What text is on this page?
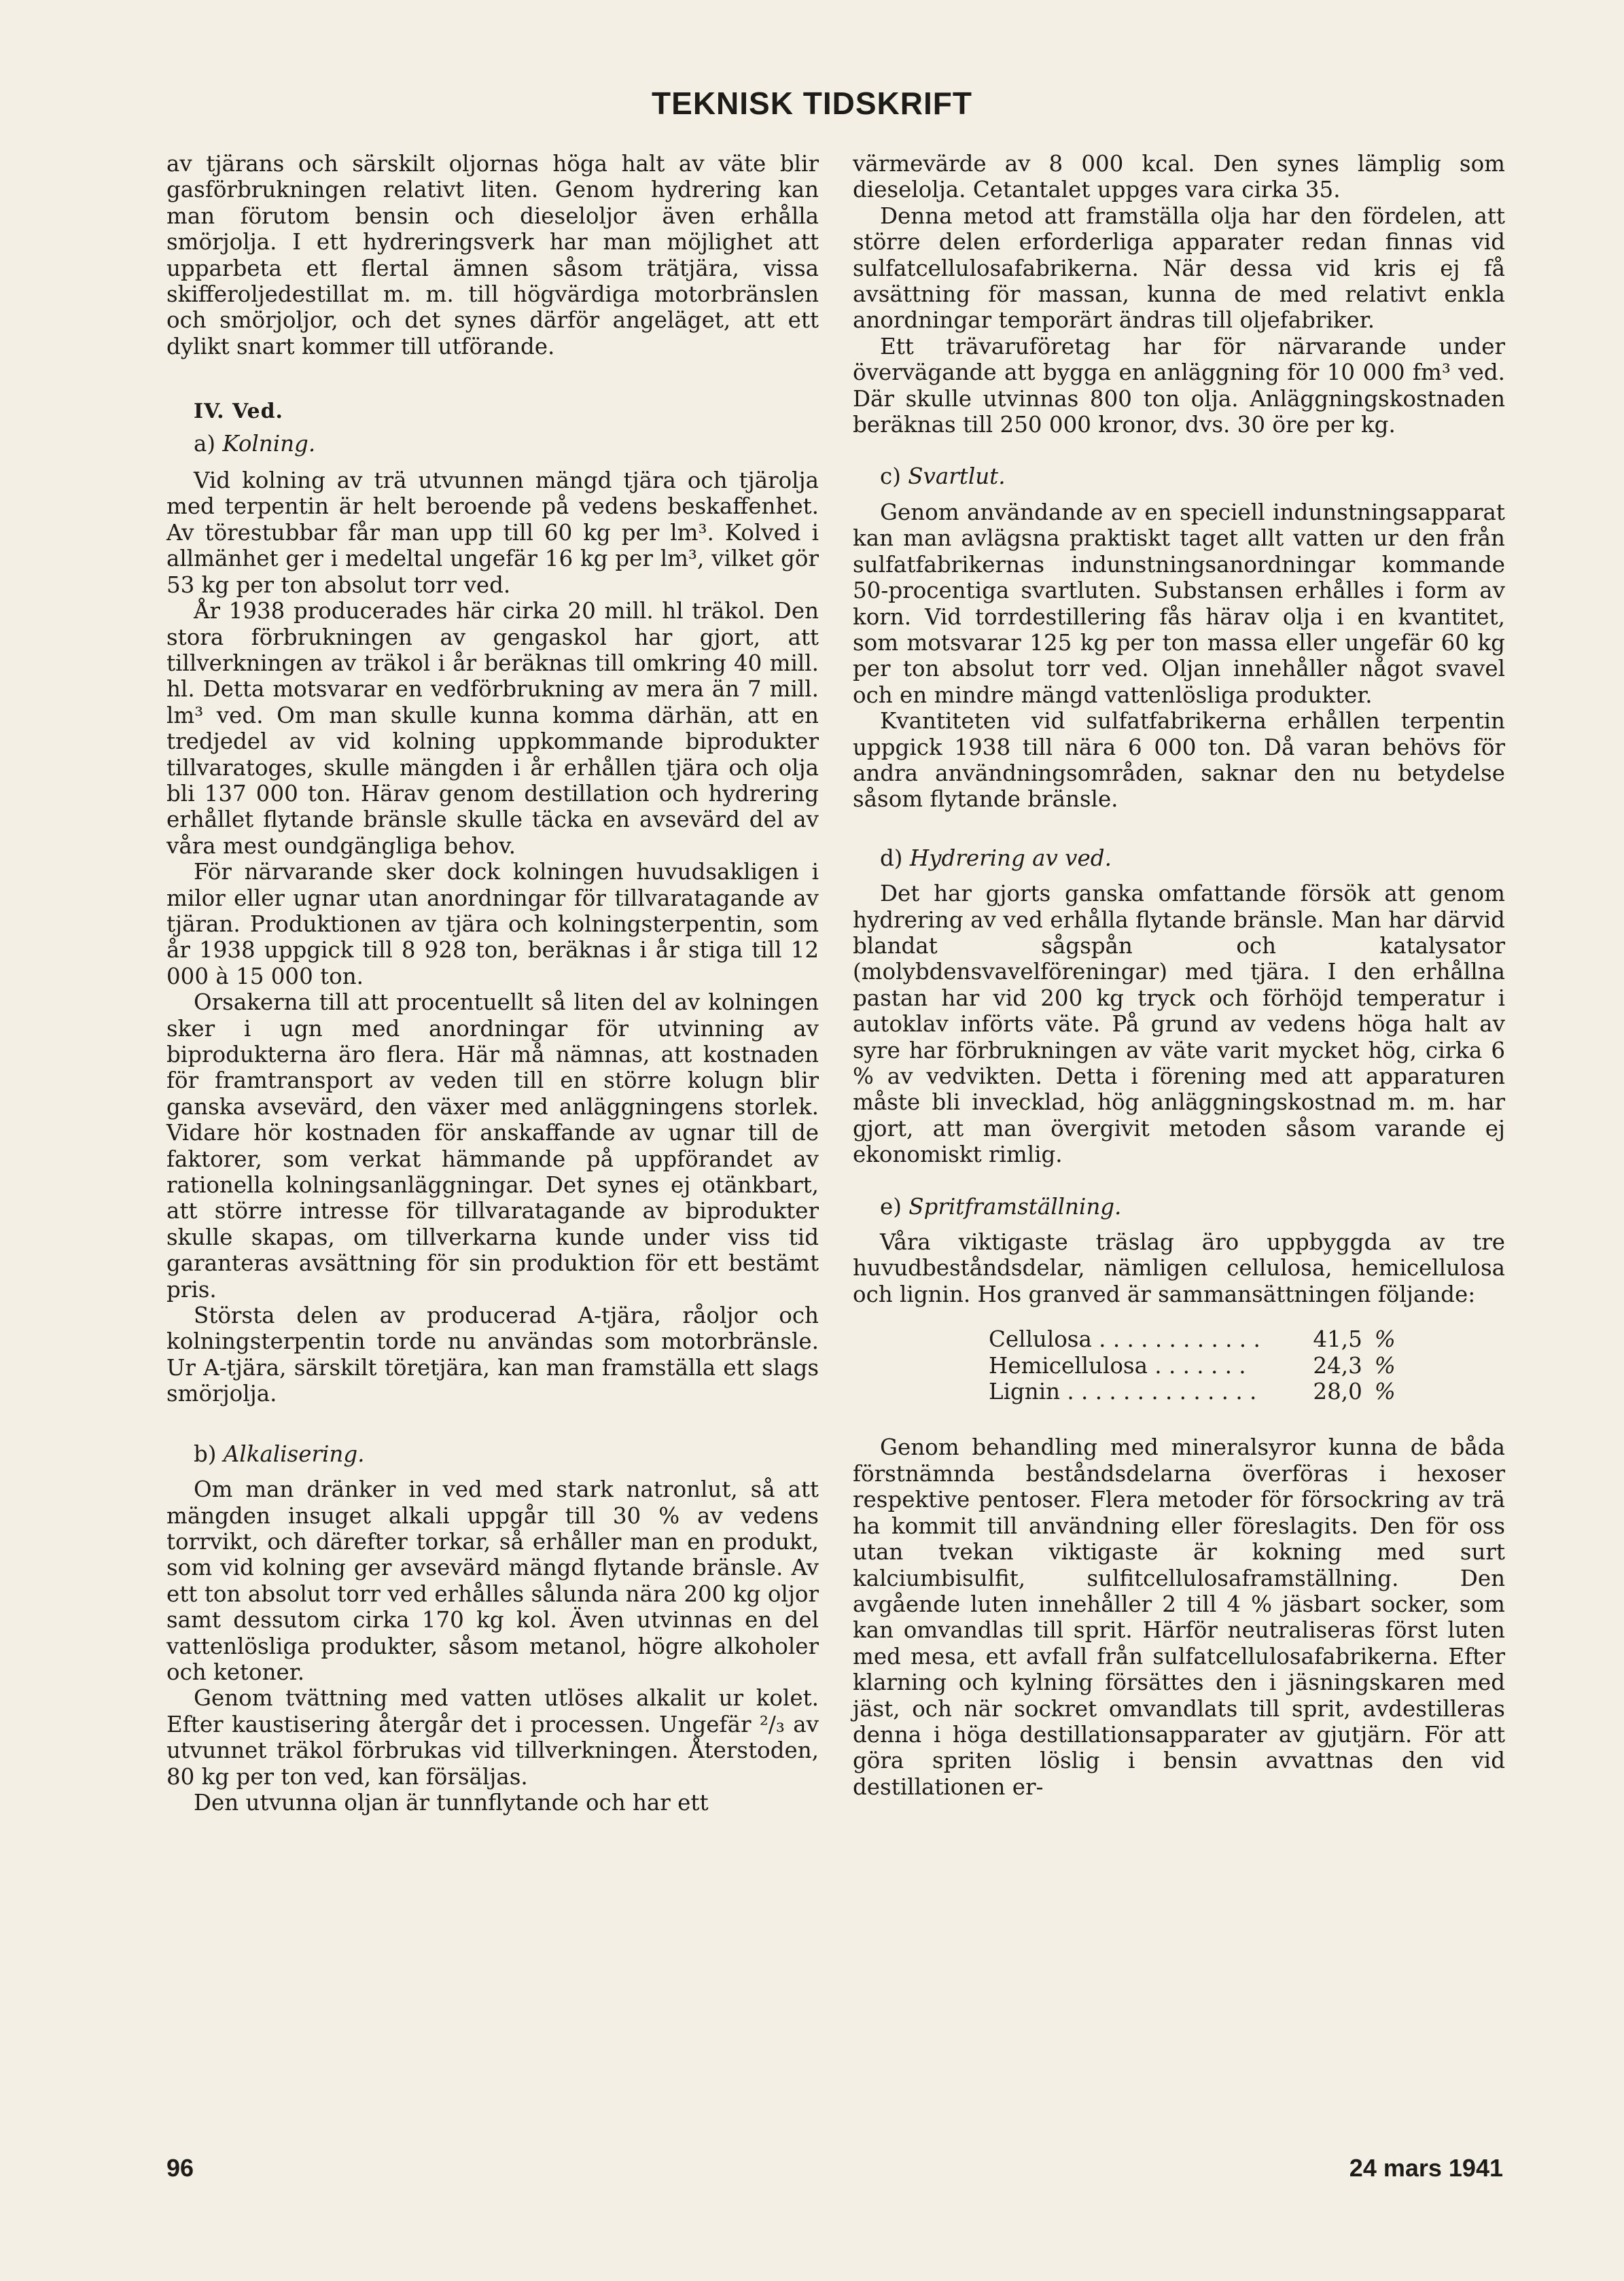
TEKNISK TIDSKRIFT

av tjärans och särskilt oljornas höga halt av väte blir gasförbrukningen relativt liten. Genom hydrering kan man förutom bensin och dieseloljor även erhålla smörjolja. I ett hydreringsverk har man möjlighet att upparbeta ett flertal ämnen såsom trätjära, vissa skifferoljedestillat m. m. till högvärdiga motorbränslen och smörjoljor, och det synes därför angeläget, att ett dylikt snart kommer till utförande.

IV. Ved.

a) Kolning.

Vid kolning av trä utvunnen mängd tjära och tjärolja med terpentin är helt beroende på vedens beskaffenhet. Av törestubbar får man upp till 60 kg per lm³. Kolved i allmänhet ger i medeltal ungefär 16 kg per lm³, vilket gör 53 kg per ton absolut torr ved.

År 1938 producerades här cirka 20 mill. hl träkol. Den stora förbrukningen av gengaskol har gjort, att tillverkningen av träkol i år beräknas till omkring 40 mill. hl. Detta motsvarar en vedförbrukning av mera än 7 mill. lm³ ved. Om man skulle kunna komma därhän, att en tredjedel av vid kolning uppkommande biprodukter tillvaratoges, skulle mängden i år erhållen tjära och olja bli 137 000 ton. Härav genom destillation och hydrering erhållet flytande bränsle skulle täcka en avsevärd del av våra mest oundgängliga behov.

För närvarande sker dock kolningen huvudsakligen i milor eller ugnar utan anordningar för tillvaratagande av tjäran. Produktionen av tjära och kolningsterpentin, som år 1938 uppgick till 8 928 ton, beräknas i år stiga till 12 000 à 15 000 ton.

Orsakerna till att procentuellt så liten del av kolningen sker i ugn med anordningar för utvinning av biprodukterna äro flera. Här må nämnas, att kostnaden för framtransport av veden till en större kolugn blir ganska avsevärd, den växer med anläggningens storlek. Vidare hör kostnaden för anskaffande av ugnar till de faktorer, som verkat hämmande på uppförandet av rationella kolningsanläggningar. Det synes ej otänkbart, att större intresse för tillvaratagande av biprodukter skulle skapas, om tillverkarna kunde under viss tid garanteras avsättning för sin produktion för ett bestämt pris.

Största delen av producerad A-tjära, råoljor och kolningsterpentin torde nu användas som motorbränsle. Ur A-tjära, särskilt töretjära, kan man framställa ett slags smörjolja.

b) Alkalisering.

Om man dränker in ved med stark natronlut, så att mängden insuget alkali uppgår till 30 % av vedens torrvikt, och därefter torkar, så erhåller man en produkt, som vid kolning ger avsevärd mängd flytande bränsle. Av ett ton absolut torr ved erhålles sålunda nära 200 kg oljor samt dessutom cirka 170 kg kol. Även utvinnas en del vattenlösliga produkter, såsom metanol, högre alkoholer och ketoner.

Genom tvättning med vatten utlöses alkalit ur kolet. Efter kaustisering återgår det i processen. Ungefär ²/₃ av utvunnet träkol förbrukas vid tillverkningen. Återstoden, 80 kg per ton ved, kan försäljas.

Den utvunna oljan är tunnflytande och har ett

värmevärde av 8 000 kcal. Den synes lämplig som dieselolja. Cetantalet uppges vara cirka 35.

Denna metod att framställa olja har den fördelen, att större delen erforderliga apparater redan finnas vid sulfatcellulosafabrikerna. När dessa vid kris ej få avsättning för massan, kunna de med relativt enkla anordningar temporärt ändras till oljefabriker.

Ett trävaruföretag har för närvarande under övervägande att bygga en anläggning för 10 000 fm³ ved. Där skulle utvinnas 800 ton olja. Anläggningskostnaden beräknas till 250 000 kronor, dvs. 30 öre per kg.

c) Svartlut.

Genom användande av en speciell indunstningsapparat kan man avlägsna praktiskt taget allt vatten ur den från sulfatfabrikernas indunstningsanordningar kommande 50-procentiga svartluten. Substansen erhålles i form av korn. Vid torrdestillering fås härav olja i en kvantitet, som motsvarar 125 kg per ton massa eller ungefär 60 kg per ton absolut torr ved. Oljan innehåller något svavel och en mindre mängd vattenlösliga produkter.

Kvantiteten vid sulfatfabrikerna erhållen terpentin uppgick 1938 till nära 6 000 ton. Då varan behövs för andra användningsområden, saknar den nu betydelse såsom flytande bränsle.

d) Hydrering av ved.

Det har gjorts ganska omfattande försök att genom hydrering av ved erhålla flytande bränsle. Man har därvid blandat sågspån och katalysator (molybdensvavelföreningar) med tjära. I den erhållna pastan har vid 200 kg tryck och förhöjd temperatur i autoklav införts väte. På grund av vedens höga halt av syre har förbrukningen av väte varit mycket hög, cirka 6 % av vedvikten. Detta i förening med att apparaturen måste bli invecklad, hög anläggningskostnad m. m. har gjort, att man övergivit metoden såsom varande ej ekonomiskt rimlig.

e) Spritframställning.

Våra viktigaste träslag äro uppbyggda av tre huvudbeståndsdelar, nämligen cellulosa, hemicellulosa och lignin. Hos granved är sammansättningen följande:

Cellulosa . . . . . . . . . . . .	41,5	%
Hemicellulosa . . . . . . .	24,3	%
Lignin . . . . . . . . . . . . . .	28,0	%

Genom behandling med mineralsyror kunna de båda förstnämnda beståndsdelarna överföras i hexoser respektive pentoser. Flera metoder för försockring av trä ha kommit till användning eller föreslagits. Den för oss utan tvekan viktigaste är kokning med surt kalciumbisulfit, sulfitcellulosaframställning. Den avgående luten innehåller 2 till 4 % jäsbart socker, som kan omvandlas till sprit. Härför neutraliseras först luten med mesa, ett avfall från sulfatcellulosafabrikerna. Efter klarning och kylning försättes den i jäsningskaren med jäst, och när sockret omvandlats till sprit, avdestilleras denna i höga destillationsapparater av gjutjärn. För att göra spriten löslig i bensin avvattnas den vid destillationen er-

96	24 mars 1941
